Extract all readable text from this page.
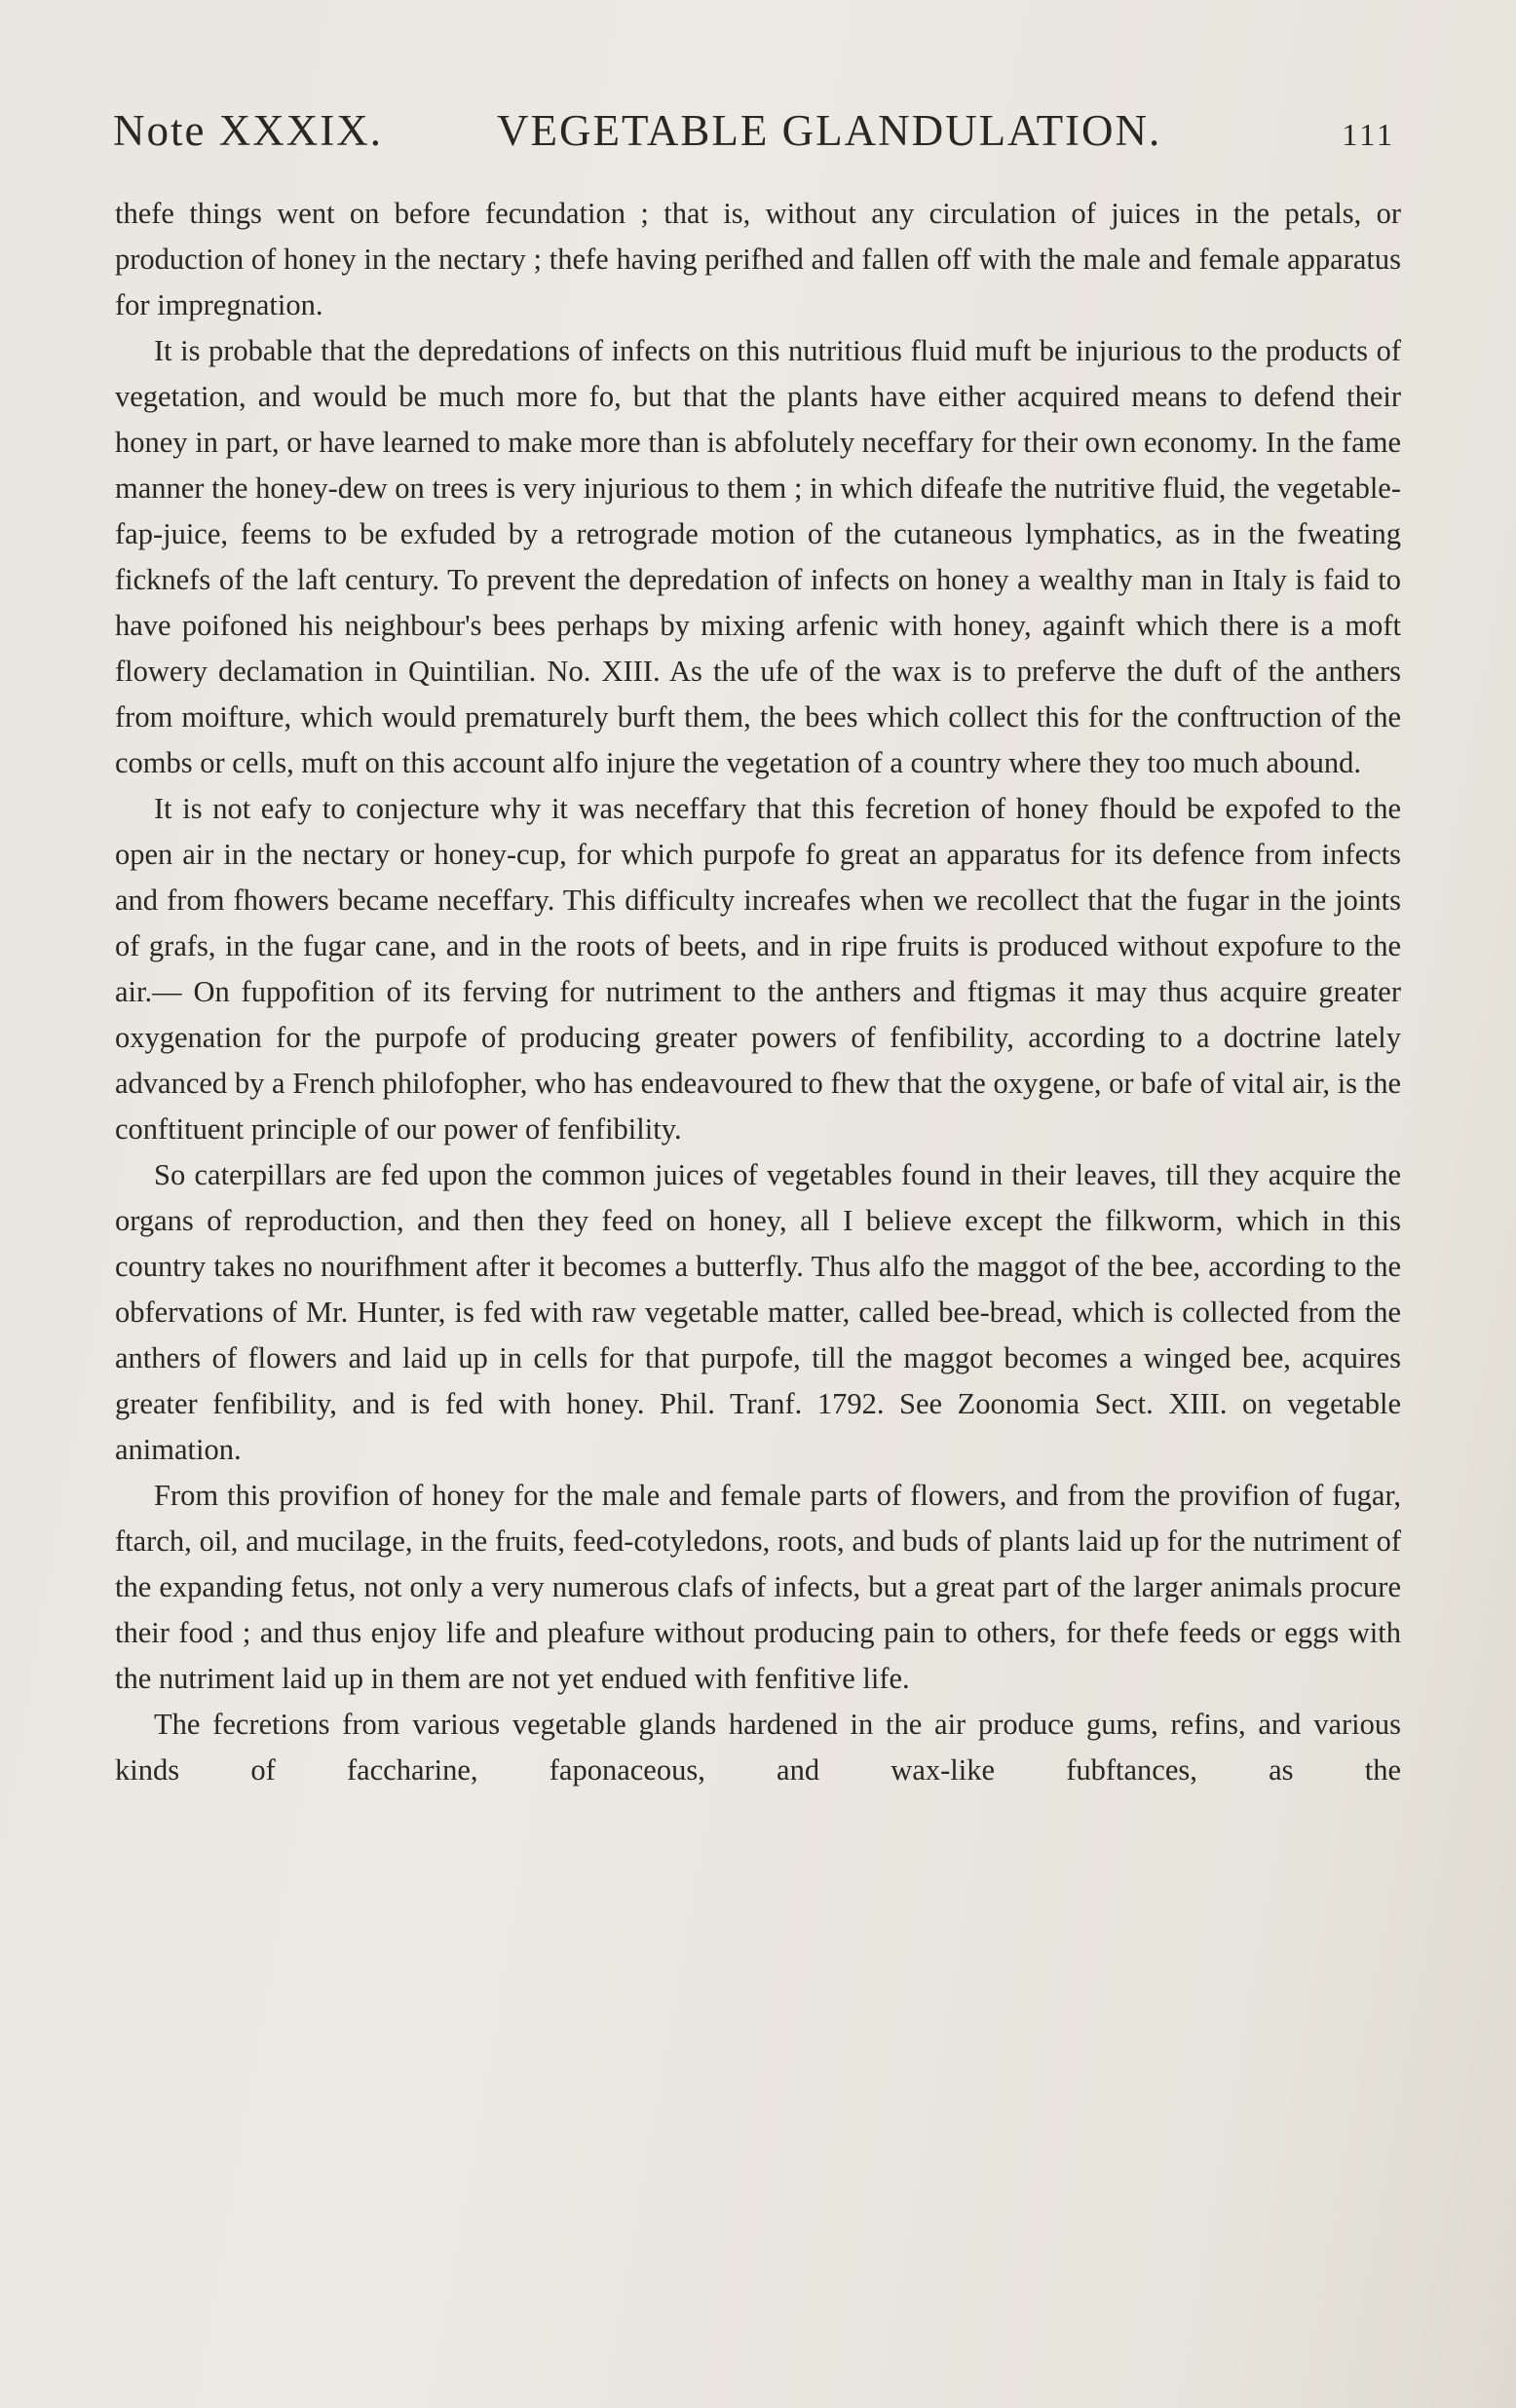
Note XXXIX.	VEGETABLE GLANDULATION.	111

thefe things went on before fecundation ; that is, without any circulation of juices in the petals, or production of honey in the nectary ; thefe having perifhed and fallen off with the male and female apparatus for impregnation.

It is probable that the depredations of infects on this nutritious fluid muft be injurious to the products of vegetation, and would be much more fo, but that the plants have either acquired means to defend their honey in part, or have learned to make more than is abfolutely neceffary for their own economy. In the fame manner the honey-dew on trees is very injurious to them ; in which difeafe the nutritive fluid, the vegetable-fap-juice, feems to be exfuded by a retrograde motion of the cutaneous lymphatics, as in the fweating ficknefs of the laft century. To prevent the depredation of infects on honey a wealthy man in Italy is faid to have poifoned his neighbour's bees perhaps by mixing arfenic with honey, againft which there is a moft flowery declamation in Quintilian. No. XIII. As the ufe of the wax is to preferve the duft of the anthers from moifture, which would prematurely burft them, the bees which collect this for the conftruction of the combs or cells, muft on this account alfo injure the vegetation of a country where they too much abound.

It is not eafy to conjecture why it was neceffary that this fecretion of honey fhould be expofed to the open air in the nectary or honey-cup, for which purpofe fo great an apparatus for its defence from infects and from fhowers became neceffary. This difficulty increafes when we recollect that the fugar in the joints of grafs, in the fugar cane, and in the roots of beets, and in ripe fruits is produced without expofure to the air.— On fuppofition of its ferving for nutriment to the anthers and ftigmas it may thus acquire greater oxygenation for the purpofe of producing greater powers of fenfibility, according to a doctrine lately advanced by a French philofopher, who has endeavoured to fhew that the oxygene, or bafe of vital air, is the conftituent principle of our power of fenfibility.

So caterpillars are fed upon the common juices of vegetables found in their leaves, till they acquire the organs of reproduction, and then they feed on honey, all I believe except the filkworm, which in this country takes no nourifhment after it becomes a butterfly. Thus alfo the maggot of the bee, according to the obfervations of Mr. Hunter, is fed with raw vegetable matter, called bee-bread, which is collected from the anthers of flowers and laid up in cells for that purpofe, till the maggot becomes a winged bee, acquires greater fenfibility, and is fed with honey. Phil. Tranf. 1792. See Zoonomia Sect. XIII. on vegetable animation.

From this provifion of honey for the male and female parts of flowers, and from the provifion of fugar, ftarch, oil, and mucilage, in the fruits, feed-cotyledons, roots, and buds of plants laid up for the nutriment of the expanding fetus, not only a very numerous clafs of infects, but a great part of the larger animals procure their food ; and thus enjoy life and pleafure without producing pain to others, for thefe feeds or eggs with the nutriment laid up in them are not yet endued with fenfitive life.

The fecretions from various vegetable glands hardened in the air produce gums, refins, and various kinds of faccharine, faponaceous, and wax-like fubftances, as the
